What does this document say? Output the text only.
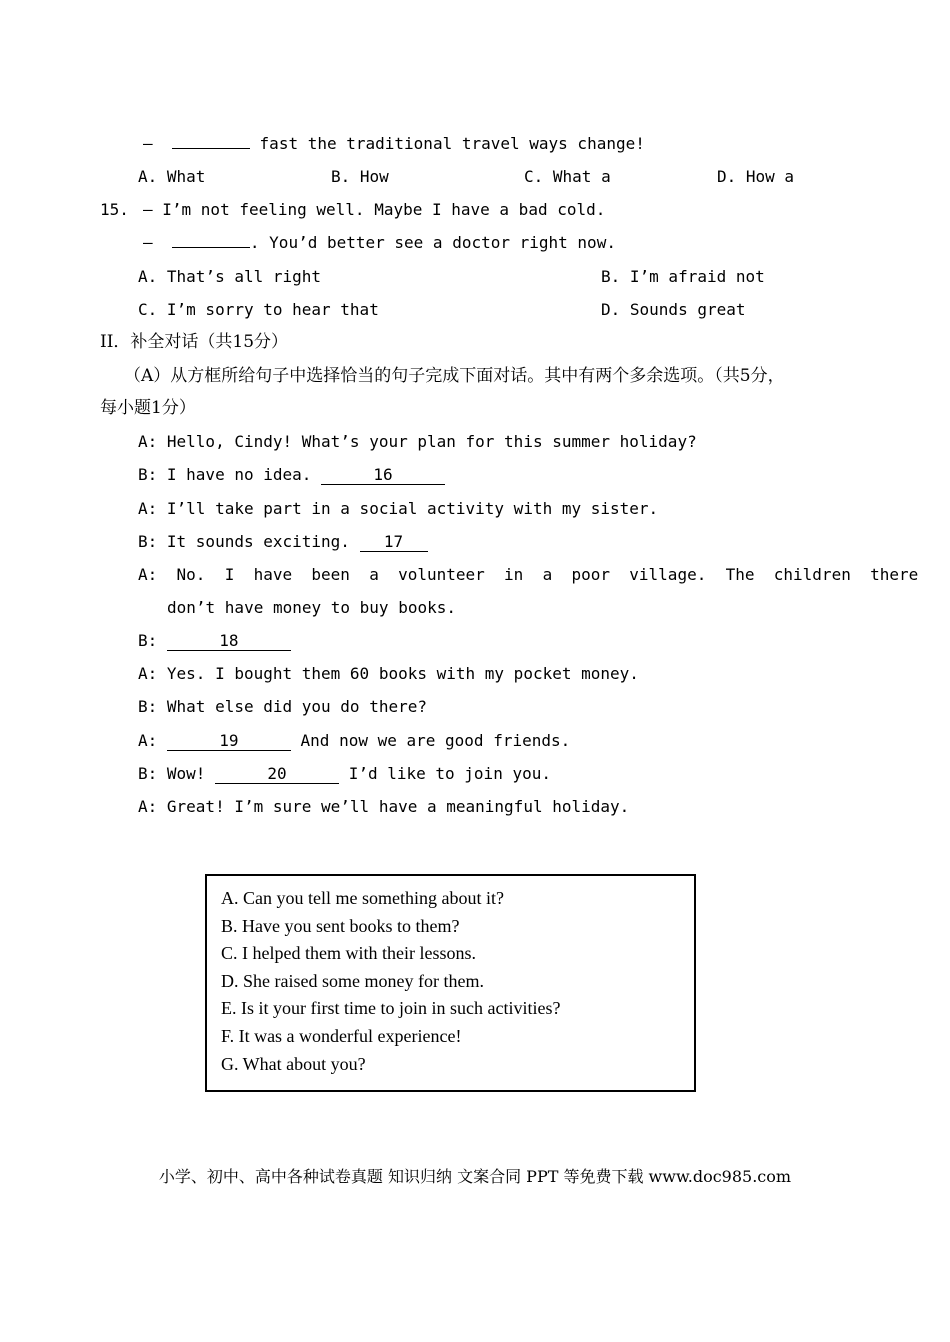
–	fast the traditional travel ways change!
A. What	B. How	C. What a	D. How a
15. – I’m not feeling well. Maybe I have a bad cold.
–	. You’d better see a doctor right now.
A. That’s all right	B. I’m afraid not
C. I’m sorry to hear that	D. Sounds great
II．补全对话（共15分）
（A）从方框所给句子中选择恰当的句子完成下面对话。其中有两个多余选项。（共5分，
每小题1分）
A: Hello, Cindy! What’s your plan for this summer holiday?
B: I have no idea.	16
A: I’ll take part in a social activity with my sister.
B: It sounds exciting. 17
A:  No.  I  have  been  a  volunteer  in  a  poor  village.  The  children  there
don’t have money to buy books.
B:	18
A: Yes. I bought them 60 books with my pocket money.
B: What else did you do there?
A:	19	And now we are good friends.
B: Wow!	20	I’d like to join you.
A: Great! I’m sure we’ll have a meaningful holiday.
A. Can you tell me something about it?
B. Have you sent books to them?
C. I helped them with their lessons.
D. She raised some money for them.
E. Is it your first time to join in such activities?
F. It was a wonderful experience!
G. What about you?
小学、初中、高中各种试卷真题 知识归纳 文案合同 PPT 等免费下载 www.doc985.com
